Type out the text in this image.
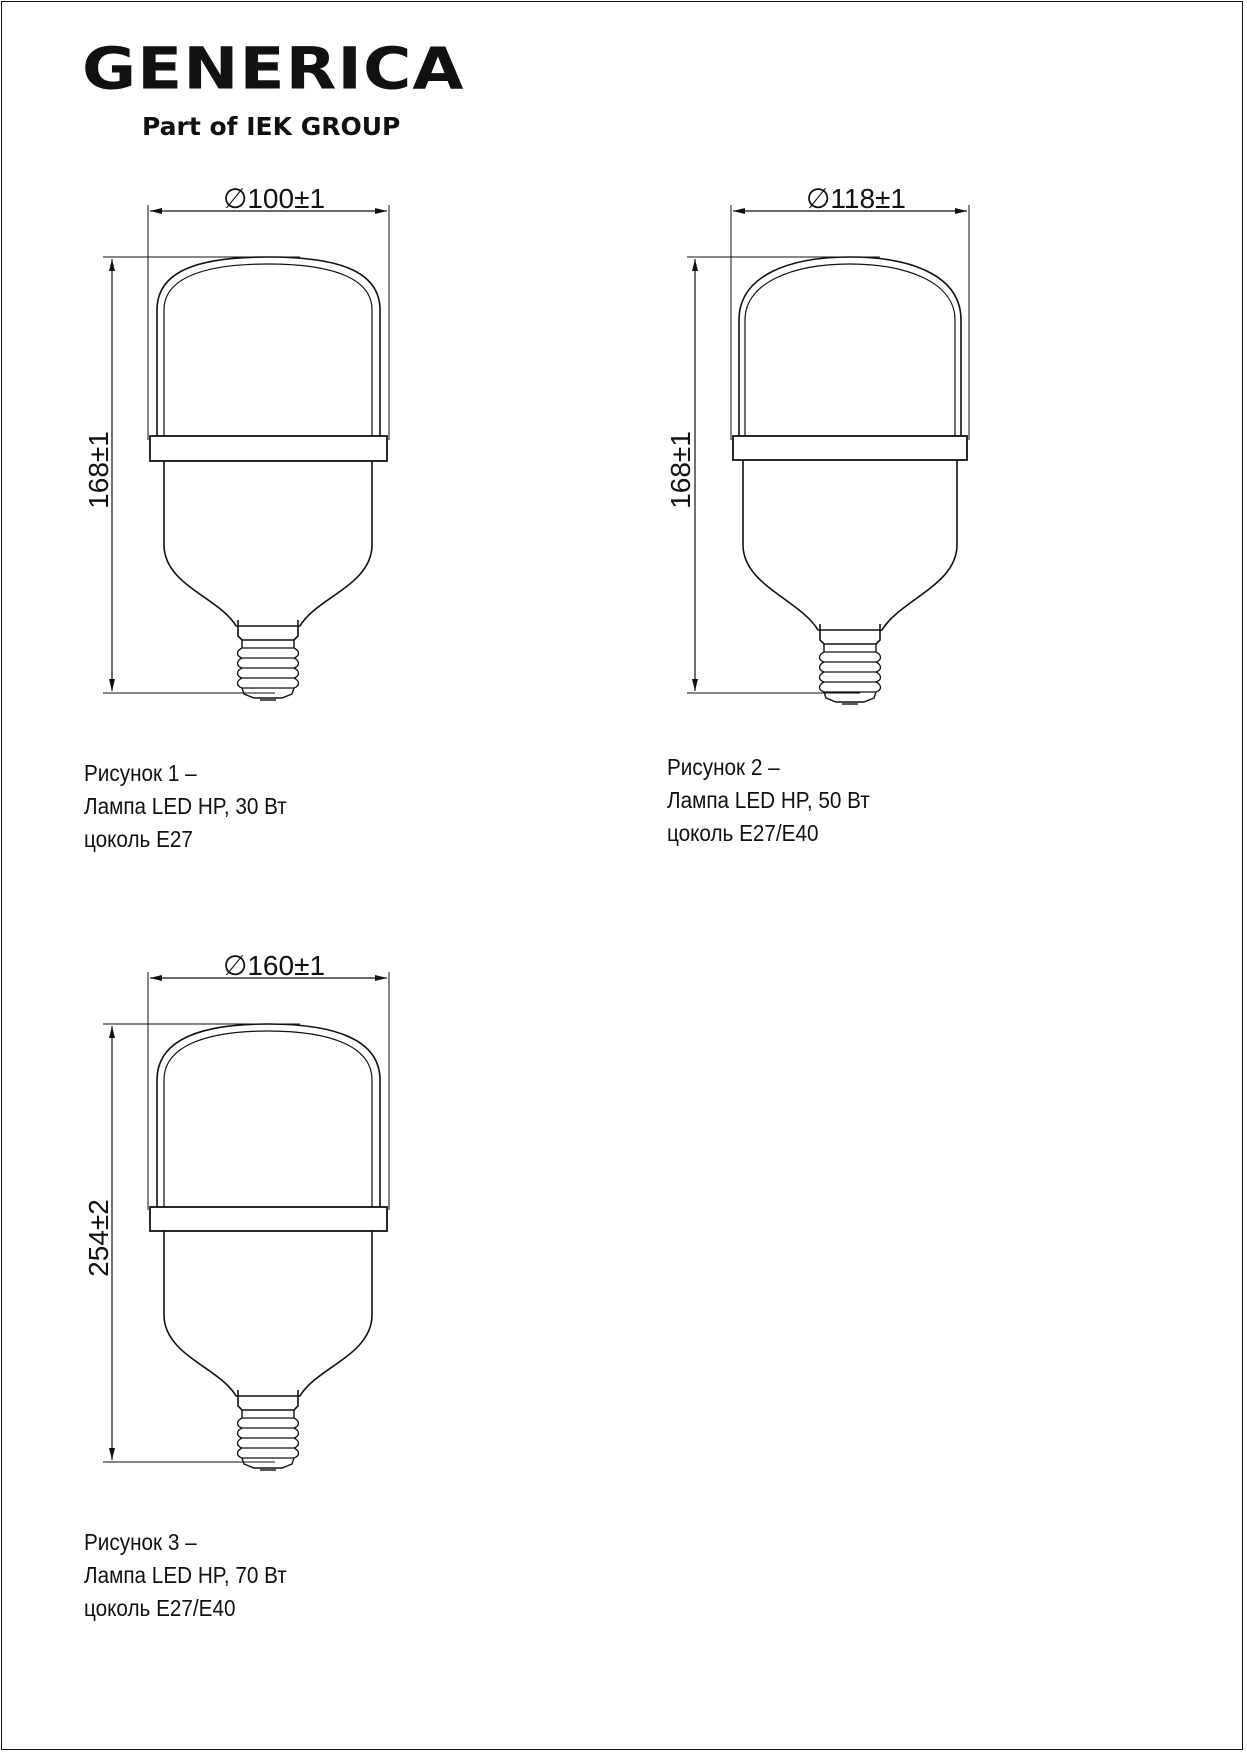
GENERICA
Part of IEK GROUP
∅100±1
168±1
∅118±1
168±1
∅160±1
254±2
Рисунок 1 –
Лампа LED HP, 30 Вт
цоколь E27
Рисунок 2 –
Лампа LED HP, 50 Вт
цоколь E27/E40
Рисунок 3 –
Лампа LED HP, 70 Вт
цоколь E27/E40
